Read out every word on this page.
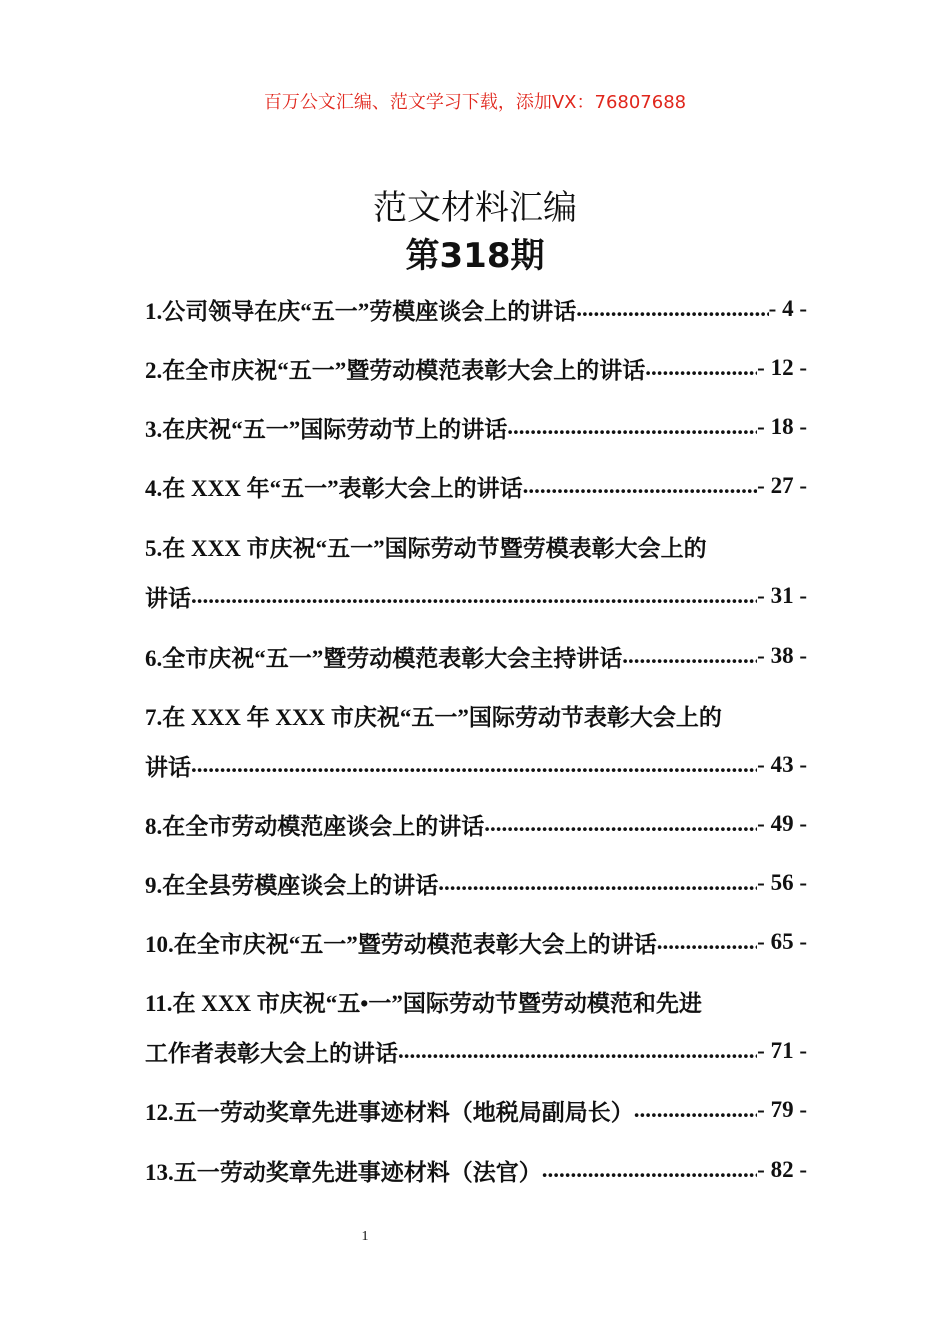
百万公文汇编、范文学习下载，添加VX：76807688
范文材料汇编
第318期
1.公司领导在庆“五一”劳模座谈会上的讲话 .....	- 4 -
2.在全市庆祝“五一”暨劳动模范表彰大会上的讲话 .....	- 12 -
3.在庆祝“五一”国际劳动节上的讲话 .....	- 18 -
4.在 XXX 年“五一”表彰大会上的讲话 .....	- 27 -
5.在 XXX 市庆祝“五一”国际劳动节暨劳模表彰大会上的
讲话 .....	- 31 -
6.全市庆祝“五一”暨劳动模范表彰大会主持讲话 .....	- 38 -
7.在 XXX 年 XXX 市庆祝“五一”国际劳动节表彰大会上的
讲话 .....	- 43 -
8.在全市劳动模范座谈会上的讲话 .....	- 49 -
9.在全县劳模座谈会上的讲话 .....	- 56 -
10.在全市庆祝“五一”暨劳动模范表彰大会上的讲话 .....	- 65 -
11.在 XXX 市庆祝“五•一”国际劳动节暨劳动模范和先进
工作者表彰大会上的讲话 .....	- 71 -
12.五一劳动奖章先进事迹材料（地税局副局长） .....	- 79 -
13.五一劳动奖章先进事迹材料（法官） .....	- 82 -
1
